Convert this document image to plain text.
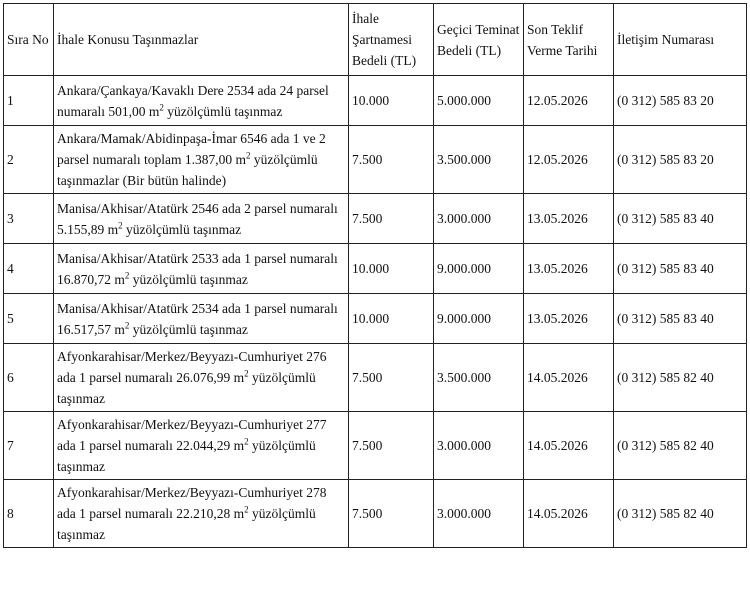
Sıra No	İhale Konusu Taşınmazlar	İhale Şartnamesi Bedeli (TL)	Geçici Teminat Bedeli (TL)	Son Teklif Verme Tarihi	İletişim Numarası
1	Ankara/Çankaya/Kavaklı Dere 2534 ada 24 parsel numaralı 501,00 $m^2$ yüzölçümlü taşınmaz	10.000	5.000.000	12.05.2026	(0 312) 585 83 20
2	Ankara/Mamak/Abidinpaşa-İmar 6546 ada 1 ve 2 parsel numaralı toplam 1.387,00 $m^2$ yüzölçümlü taşınmazlar (Bir bütün halinde)	7.500	3.500.000	12.05.2026	(0 312) 585 83 20
3	Manisa/Akhisar/Atatürk 2546 ada 2 parsel numaralı 5.155,89 $m^2$ yüzölçümlü taşınmaz	7.500	3.000.000	13.05.2026	(0 312) 585 83 40
4	Manisa/Akhisar/Atatürk 2533 ada 1 parsel numaralı 16.870,72 $m^2$ yüzölçümlü taşınmaz	10.000	9.000.000	13.05.2026	(0 312) 585 83 40
5	Manisa/Akhisar/Atatürk 2534 ada 1 parsel numaralı 16.517,57 $m^2$ yüzölçümlü taşınmaz	10.000	9.000.000	13.05.2026	(0 312) 585 83 40
6	Afyonkarahisar/Merkez/Beyyazı-Cumhuriyet 276 ada 1 parsel numaralı 26.076,99 $m^2$ yüzölçümlü taşınmaz	7.500	3.500.000	14.05.2026	(0 312) 585 82 40
7	Afyonkarahisar/Merkez/Beyyazı-Cumhuriyet 277 ada 1 parsel numaralı 22.044,29 $m^2$ yüzölçümlü taşınmaz	7.500	3.000.000	14.05.2026	(0 312) 585 82 40
8	Afyonkarahisar/Merkez/Beyyazı-Cumhuriyet 278 ada 1 parsel numaralı 22.210,28 $m^2$ yüzölçümlü taşınmaz	7.500	3.000.000	14.05.2026	(0 312) 585 82 40
